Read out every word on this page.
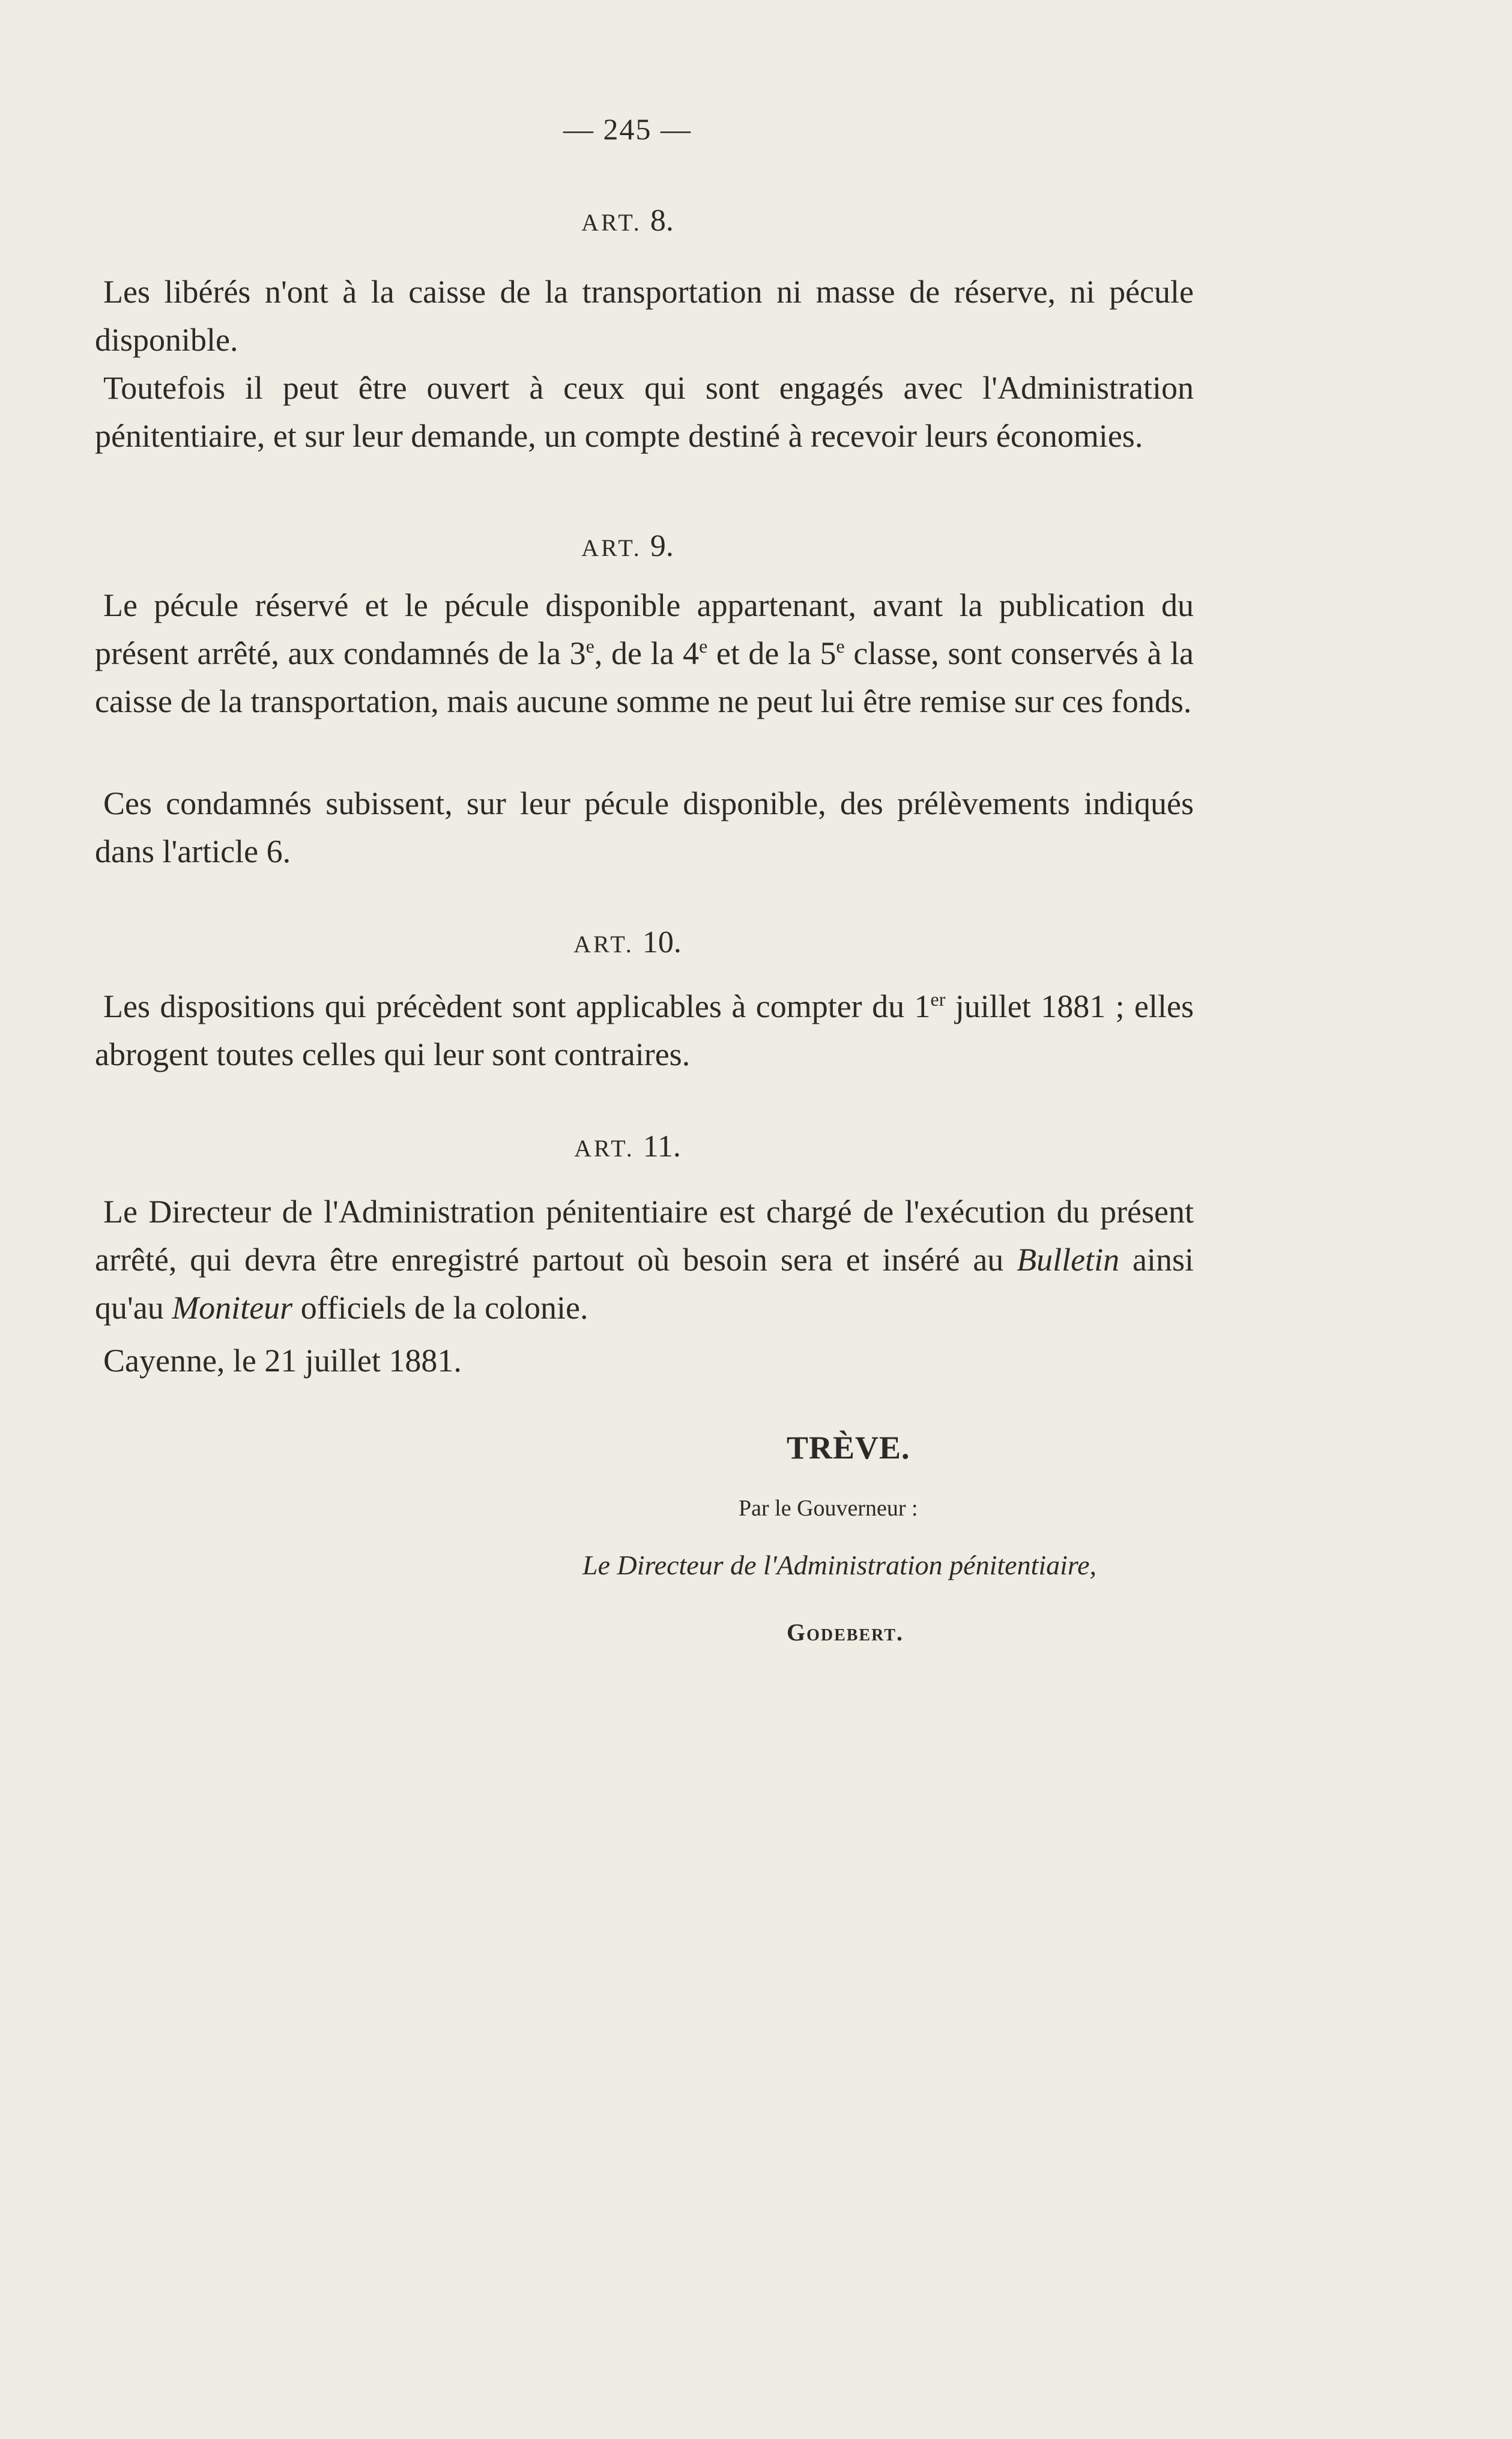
— 245 —
ART. 8.

Les libérés n'ont à la caisse de la transportation ni masse de réserve, ni pécule disponible.

Toutefois il peut être ouvert à ceux qui sont engagés avec l'Administration pénitentiaire, et sur leur demande, un compte destiné à recevoir leurs économies.

ART. 9.

Le pécule réservé et le pécule disponible appartenant, avant la publication du présent arrêté, aux condamnés de la 3e, de la 4e et de la 5e classe, sont conservés à la caisse de la transportation, mais aucune somme ne peut lui être remise sur ces fonds.

Ces condamnés subissent, sur leur pécule disponible, des prélèvements indiqués dans l'article 6.

ART. 10.

Les dispositions qui précèdent sont applicables à compter du 1er juillet 1881 ; elles abrogent toutes celles qui leur sont contraires.

ART. 11.

Le Directeur de l'Administration pénitentiaire est chargé de l'exécution du présent arrêté, qui devra être enregistré partout où besoin sera et inséré au Bulletin ainsi qu'au Moniteur officiels de la colonie.

Cayenne, le 21 juillet 1881.

TRÈVE.
Par le Gouverneur :
Le Directeur de l'Administration pénitentiaire,
Godebert.
